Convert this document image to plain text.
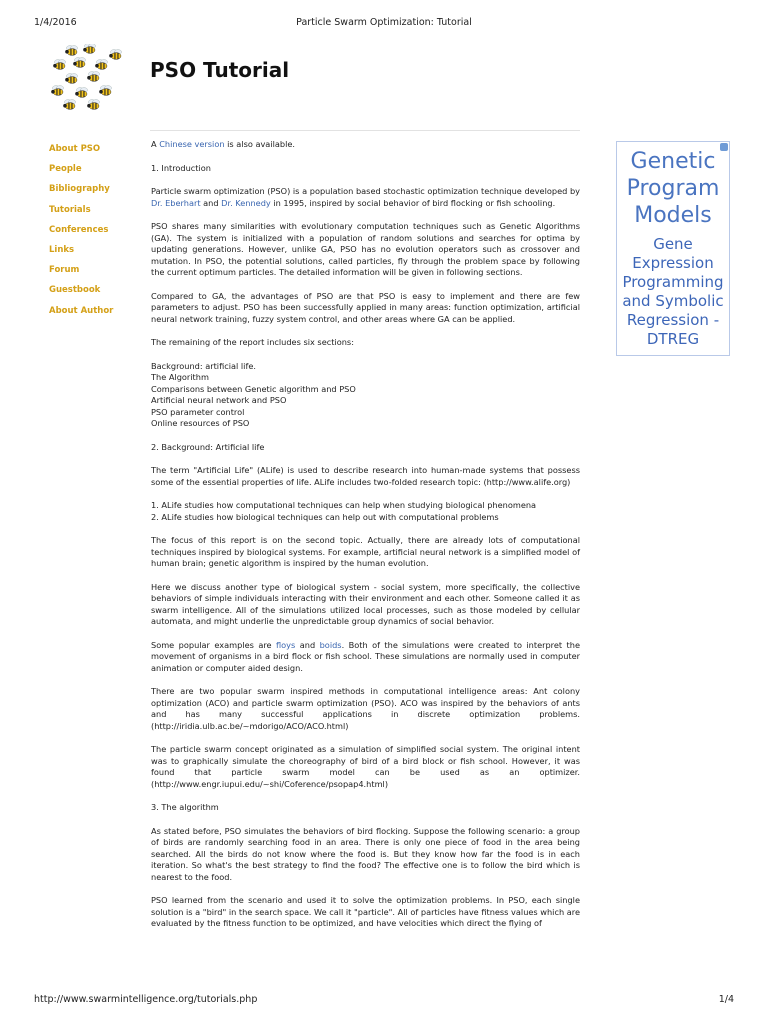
1/4/2016	Particle Swarm Optimization: Tutorial
PSO Tutorial
About PSO
People
Bibliography
Tutorials
Conferences
Links
Forum
Guestbook
About Author

A Chinese version is also available.

1. Introduction

Particle swarm optimization (PSO) is a population based stochastic optimization technique developed by Dr. Eberhart and Dr. Kennedy in 1995, inspired by social behavior of bird flocking or fish schooling.

PSO shares many similarities with evolutionary computation techniques such as Genetic Algorithms (GA). The system is initialized with a population of random solutions and searches for optima by updating generations. However, unlike GA, PSO has no evolution operators such as crossover and mutation. In PSO, the potential solutions, called particles, fly through the problem space by following the current optimum particles. The detailed information will be given in following sections.

Compared to GA, the advantages of PSO are that PSO is easy to implement and there are few parameters to adjust. PSO has been successfully applied in many areas: function optimization, artificial neural network training, fuzzy system control, and other areas where GA can be applied.

The remaining of the report includes six sections:

Background: artificial life.
The Algorithm
Comparisons between Genetic algorithm and PSO
Artificial neural network and PSO
PSO parameter control
Online resources of PSO

2. Background: Artificial life

The term "Artificial Life" (ALife) is used to describe research into human-made systems that possess some of the essential properties of life. ALife includes two-folded research topic: (http://www.alife.org)

1. ALife studies how computational techniques can help when studying biological phenomena
2. ALife studies how biological techniques can help out with computational problems

The focus of this report is on the second topic. Actually, there are already lots of computational techniques inspired by biological systems. For example, artificial neural network is a simplified model of human brain; genetic algorithm is inspired by the human evolution.

Here we discuss another type of biological system - social system, more specifically, the collective behaviors of simple individuals interacting with their environment and each other. Someone called it as swarm intelligence. All of the simulations utilized local processes, such as those modeled by cellular automata, and might underlie the unpredictable group dynamics of social behavior.

Some popular examples are floys and boids. Both of the simulations were created to interpret the movement of organisms in a bird flock or fish school. These simulations are normally used in computer animation or computer aided design.

There are two popular swarm inspired methods in computational intelligence areas: Ant colony optimization (ACO) and particle swarm optimization (PSO). ACO was inspired by the behaviors of ants and has many successful applications in discrete optimization problems. (http://iridia.ulb.ac.be/~mdorigo/ACO/ACO.html)

The particle swarm concept originated as a simulation of simplified social system. The original intent was to graphically simulate the choreography of bird of a bird block or fish school. However, it was found that particle swarm model can be used as an optimizer. (http://www.engr.iupui.edu/~shi/Coference/psopap4.html)

3. The algorithm

As stated before, PSO simulates the behaviors of bird flocking. Suppose the following scenario: a group of birds are randomly searching food in an area. There is only one piece of food in the area being searched. All the birds do not know where the food is. But they know how far the food is in each iteration. So what's the best strategy to find the food? The effective one is to follow the bird which is nearest to the food.

PSO learned from the scenario and used it to solve the optimization problems. In PSO, each single solution is a "bird" in the search space. We call it "particle". All of particles have fitness values which are evaluated by the fitness function to be optimized, and have velocities which direct the flying of

Genetic Program Models
Gene Expression Programming and Symbolic Regression - DTREG
http://www.swarmintelligence.org/tutorials.php	1/4
